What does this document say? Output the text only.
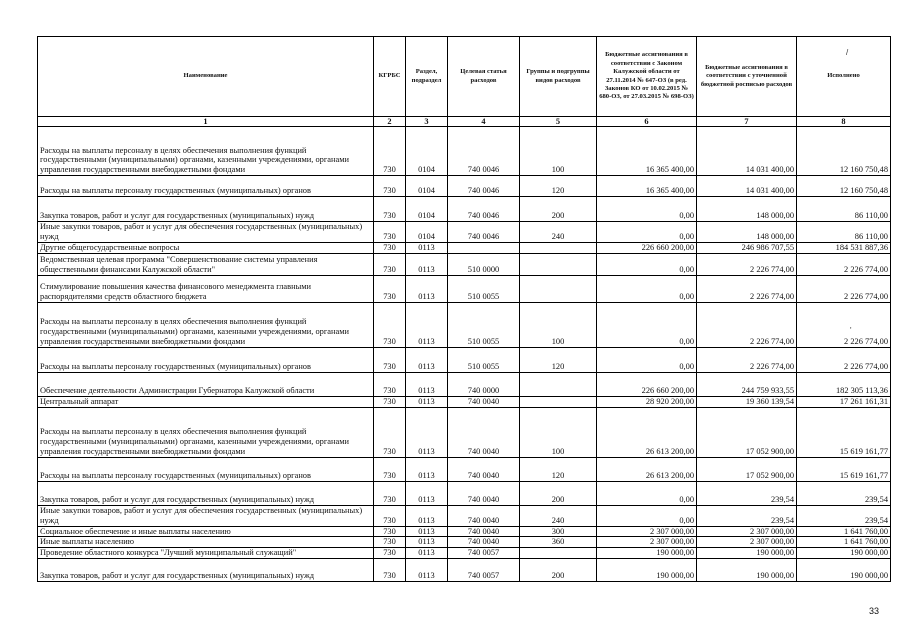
Наименование	КГРБС	Раздел, подраздел	Целевая статья расходов	Группы и подгруппы видов расходов	Бюджетные ассигнования в соответствии с Законом Калужской области от 27.11.2014 № 647-ОЗ (в ред. Законов КО от 10.02.2015 № 680-ОЗ, от 27.03.2015 № 698-ОЗ)	Бюджетные ассигнования в соответствии с уточненной бюджетной росписью расходов	Исполнено
1	2	3	4	5	6	7	8
Расходы на выплаты персоналу в целях обеспечения выполнения функций государственными (муниципальными) органами, казенными учреждениями, органами управления государственными внебюджетными фондами	730	0104	740 0046	100	16 365 400,00	14 031 400,00	12 160 750,48
Расходы на выплаты персоналу государственных (муниципальных) органов	730	0104	740 0046	120	16 365 400,00	14 031 400,00	12 160 750,48
Закупка товаров, работ и услуг для государственных (муниципальных) нужд	730	0104	740 0046	200	0,00	148 000,00	86 110,00
Иные закупки товаров, работ и услуг для обеспечения государственных (муниципальных) нужд	730	0104	740 0046	240	0,00	148 000,00	86 110,00
Другие общегосударственные вопросы	730	0113			226 660 200,00	246 986 707,55	184 531 887,36
Ведомственная целевая программа "Совершенствование системы управления общественными финансами Калужской области"	730	0113	510 0000		0,00	2 226 774,00	2 226 774,00
Стимулирование повышения качества финансового менеджмента главными распорядителями средств областного бюджета	730	0113	510 0055		0,00	2 226 774,00	2 226 774,00
Расходы на выплаты персоналу в целях обеспечения выполнения функций государственными (муниципальными) органами, казенными учреждениями, органами управления государственными внебюджетными фондами	730	0113	510 0055	100	0,00	2 226 774,00	2 226 774,00
Расходы на выплаты персоналу государственных (муниципальных) органов	730	0113	510 0055	120	0,00	2 226 774,00	2 226 774,00
Обеспечение деятельности Администрации Губернатора Калужской области	730	0113	740 0000		226 660 200,00	244 759 933,55	182 305 113,36
Центральный аппарат	730	0113	740 0040		28 920 200,00	19 360 139,54	17 261 161,31
Расходы на выплаты персоналу в целях обеспечения выполнения функций государственными (муниципальными) органами, казенными учреждениями, органами управления государственными внебюджетными фондами	730	0113	740 0040	100	26 613 200,00	17 052 900,00	15 619 161,77
Расходы на выплаты персоналу государственных (муниципальных) органов	730	0113	740 0040	120	26 613 200,00	17 052 900,00	15 619 161,77
Закупка товаров, работ и услуг для государственных (муниципальных) нужд	730	0113	740 0040	200	0,00	239,54	239,54
Иные закупки товаров, работ и услуг для обеспечения государственных (муниципальных) нужд	730	0113	740 0040	240	0,00	239,54	239,54
Социальное обеспечение и иные выплаты населению	730	0113	740 0040	300	2 307 000,00	2 307 000,00	1 641 760,00
Иные выплаты населению	730	0113	740 0040	360	2 307 000,00	2 307 000,00	1 641 760,00
Проведение областного конкурса "Лучший муниципальный служащий"	730	0113	740 0057		190 000,00	190 000,00	190 000,00
Закупка товаров, работ и услуг для государственных (муниципальных) нужд	730	0113	740 0057	200	190 000,00	190 000,00	190 000,00
/
'
33
